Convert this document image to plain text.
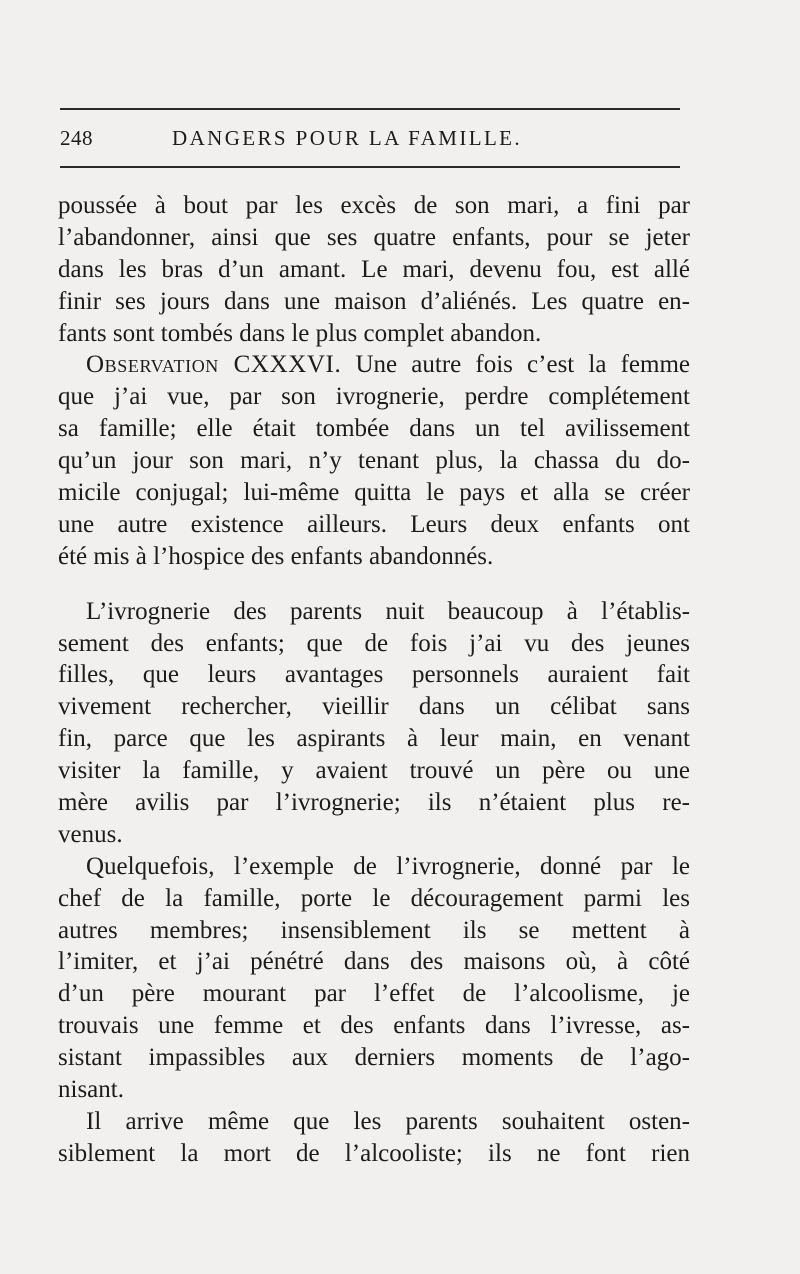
248	DANGERS POUR LA FAMILLE.
poussée à bout par les excès de son mari, a fini par
l’abandonner, ainsi que ses quatre enfants, pour se jeter
dans les bras d’un amant. Le mari, devenu fou, est allé
finir ses jours dans une maison d’aliénés. Les quatre en-
fants sont tombés dans le plus complet abandon.
Observation CXXXVI. Une autre fois c’est la femme
que j’ai vue, par son ivrognerie, perdre complétement
sa famille; elle était tombée dans un tel avilissement
qu’un jour son mari, n’y tenant plus, la chassa du do-
micile conjugal; lui-même quitta le pays et alla se créer
une autre existence ailleurs. Leurs deux enfants ont
été mis à l’hospice des enfants abandonnés.
L’ivrognerie des parents nuit beaucoup à l’établis-
sement des enfants; que de fois j’ai vu des jeunes
filles, que leurs avantages personnels auraient fait
vivement rechercher, vieillir dans un célibat sans
fin, parce que les aspirants à leur main, en venant
visiter la famille, y avaient trouvé un père ou une
mère avilis par l’ivrognerie; ils n’étaient plus re-
venus.
Quelquefois, l’exemple de l’ivrognerie, donné par le
chef de la famille, porte le découragement parmi les
autres membres; insensiblement ils se mettent à
l’imiter, et j’ai pénétré dans des maisons où, à côté
d’un père mourant par l’effet de l’alcoolisme, je
trouvais une femme et des enfants dans l’ivresse, as-
sistant impassibles aux derniers moments de l’ago-
nisant.
Il arrive même que les parents souhaitent osten-
siblement la mort de l’alcooliste; ils ne font rien
